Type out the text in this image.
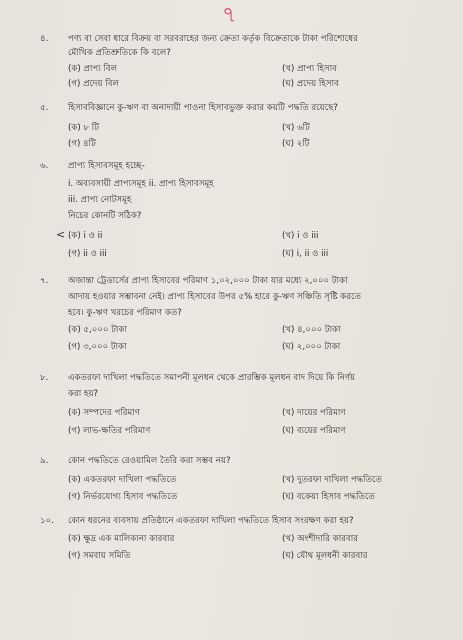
৭
৪.	পণ্য বা সেবা ধারে বিক্রয় বা সরবরাহের জন্য ক্রেতা কর্তৃক বিক্রেতাকে টাকা পরিশোধের
মৌখিক প্রতিশ্রুতিকে কি বলে?
(ক) প্রাপ্য বিল	(খ) প্রাপ্য হিসাব
(গ) প্রদেয় বিল	(ঘ) প্রদেয় হিসাব
৫.	হিসাববিজ্ঞানে কু-ঋণ বা অনাদায়ী পাওনা হিসাবভুক্ত করার কয়টি পদ্ধতি রয়েছে?
(ক) ৮ টি	(খ) ৬টি
(গ) ৪টি	(ঘ) ২টি
৬.	প্রাপ্য হিসাবসমূহ হচ্ছে-
i. অব্যবসায়ী প্রাপ্যসমূহ ii. প্রাপ্য হিসাবসমূহ
iii. প্রাপ্য নোটসমূহ
নিচের কোনটি সঠিক?
< (ক) i ও ii	(খ) i ও iii
(গ) ii ও iii	(ঘ) i, ii ও iii
৭.	অজান্তা ট্রেডার্সের প্রাপ্য হিসাবের পরিমাণ ১,০২,০০০ টাকা যার মধ্যে ২,০০০ টাকা
আদায় হওয়ার সম্ভাবনা নেই। প্রাপ্য হিসাবের উপর ৫% হারে কু-ঋণ সঞ্চিতি সৃষ্টি করতে
হবে। কু-ঋণ খরচের পরিমাণ কত?
(ক) ৫,০০০ টাকা	(খ) ৪,০০০ টাকা
(গ) ৩,০০০ টাকা	(ঘ) ২,০০০ টাকা
৮.	একতরফা দাখিলা পদ্ধতিতে সমাপনী মূলধন থেকে প্রারম্ভিক মূলধন বাদ দিয়ে কি নির্ণয়
করা হয়?
(ক) সম্পদের পরিমাণ	(খ) দায়ের পরিমাণ
(গ) লাভ-ক্ষতির পরিমাণ	(ঘ) ব্যয়ের পরিমাণ
৯.	কোন পদ্ধতিতে রেওয়ামিল তৈরি করা সম্ভব নয়?
(ক) একতরফা দাখিলা পদ্ধতিতে	(খ) দুতরফা দাখিলা পদ্ধতিতে
(গ) নির্ভরযোগ্য হিসাব পদ্ধতিতে	(ঘ) বকেয়া হিসাব পদ্ধতিতে
১০.	কোন ধরনের ব্যবসায় প্রতিষ্ঠানে একতরফা দাখিলা পদ্ধতিতে হিসাব সংরক্ষণ করা হয়?
(ক) ক্ষুদ্র এক মালিকানা কারবার	(খ) অংশীদারি কারবার
(গ) সমবায় সমিতি	(ঘ) যৌথ মূলধনী কারবার
